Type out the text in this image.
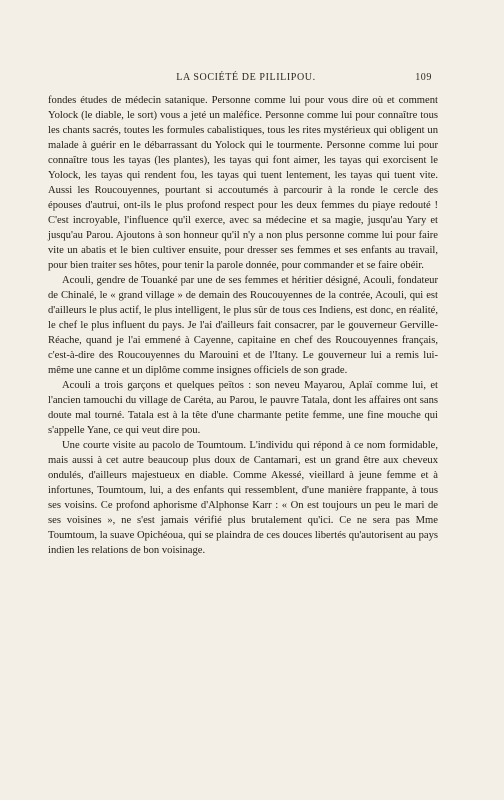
LA SOCIÉTÉ DE PILILIPOU.	109

fondes études de médecin satanique. Personne comme lui pour vous dire où et comment Yolock (le diable, le sort) vous a jeté un maléfice. Personne comme lui pour connaître tous les chants sacrés, toutes les formules cabalistiques, tous les rites mystérieux qui obligent un malade à guérir en le débarrassant du Yolock qui le tourmente. Personne comme lui pour connaître tous les tayas (les plantes), les tayas qui font aimer, les tayas qui exorcisent le Yolock, les tayas qui rendent fou, les tayas qui tuent lentement, les tayas qui tuent vite. Aussi les Roucouyennes, pourtant si accoutumés à parcourir à la ronde le cercle des épouses d'autrui, ont-ils le plus profond respect pour les deux femmes du piaye redouté ! C'est incroyable, l'influence qu'il exerce, avec sa médecine et sa magie, jusqu'au Yary et jusqu'au Parou. Ajoutons à son honneur qu'il n'y a non plus personne comme lui pour faire vite un abatis et le bien cultiver ensuite, pour dresser ses femmes et ses enfants au travail, pour bien traiter ses hôtes, pour tenir la parole donnée, pour commander et se faire obéir.

Acouli, gendre de Touanké par une de ses femmes et héritier désigné, Acouli, fondateur de Chinalé, le « grand village » de demain des Roucouyennes de la contrée, Acouli, qui est d'ailleurs le plus actif, le plus intelligent, le plus sûr de tous ces Indiens, est donc, en réalité, le chef le plus influent du pays. Je l'ai d'ailleurs fait consacrer, par le gouverneur Gerville-Réache, quand je l'ai emmené à Cayenne, capitaine en chef des Roucouyennes français, c'est-à-dire des Roucouyennes du Marouini et de l'Itany. Le gouverneur lui a remis lui-même une canne et un diplôme comme insignes officiels de son grade.

Acouli a trois garçons et quelques peïtos : son neveu Mayarou, Aplaï comme lui, et l'ancien tamouchi du village de Caréta, au Parou, le pauvre Tatala, dont les affaires ont sans doute mal tourné. Tatala est à la tête d'une charmante petite femme, une fine mouche qui s'appelle Yane, ce qui veut dire pou.

Une courte visite au pacolo de Toumtoum. L'individu qui répond à ce nom formidable, mais aussi à cet autre beaucoup plus doux de Cantamari, est un grand être aux cheveux ondulés, d'ailleurs majestueux en diable. Comme Akessé, vieillard à jeune femme et à infortunes, Toumtoum, lui, a des enfants qui ressemblent, d'une manière frappante, à tous ses voisins. Ce profond aphorisme d'Alphonse Karr : « On est toujours un peu le mari de ses voisines », ne s'est jamais vérifié plus brutalement qu'ici. Ce ne sera pas Mme Toumtoum, la suave Opichéoua, qui se plaindra de ces douces libertés qu'autorisent au pays indien les relations de bon voisinage.
